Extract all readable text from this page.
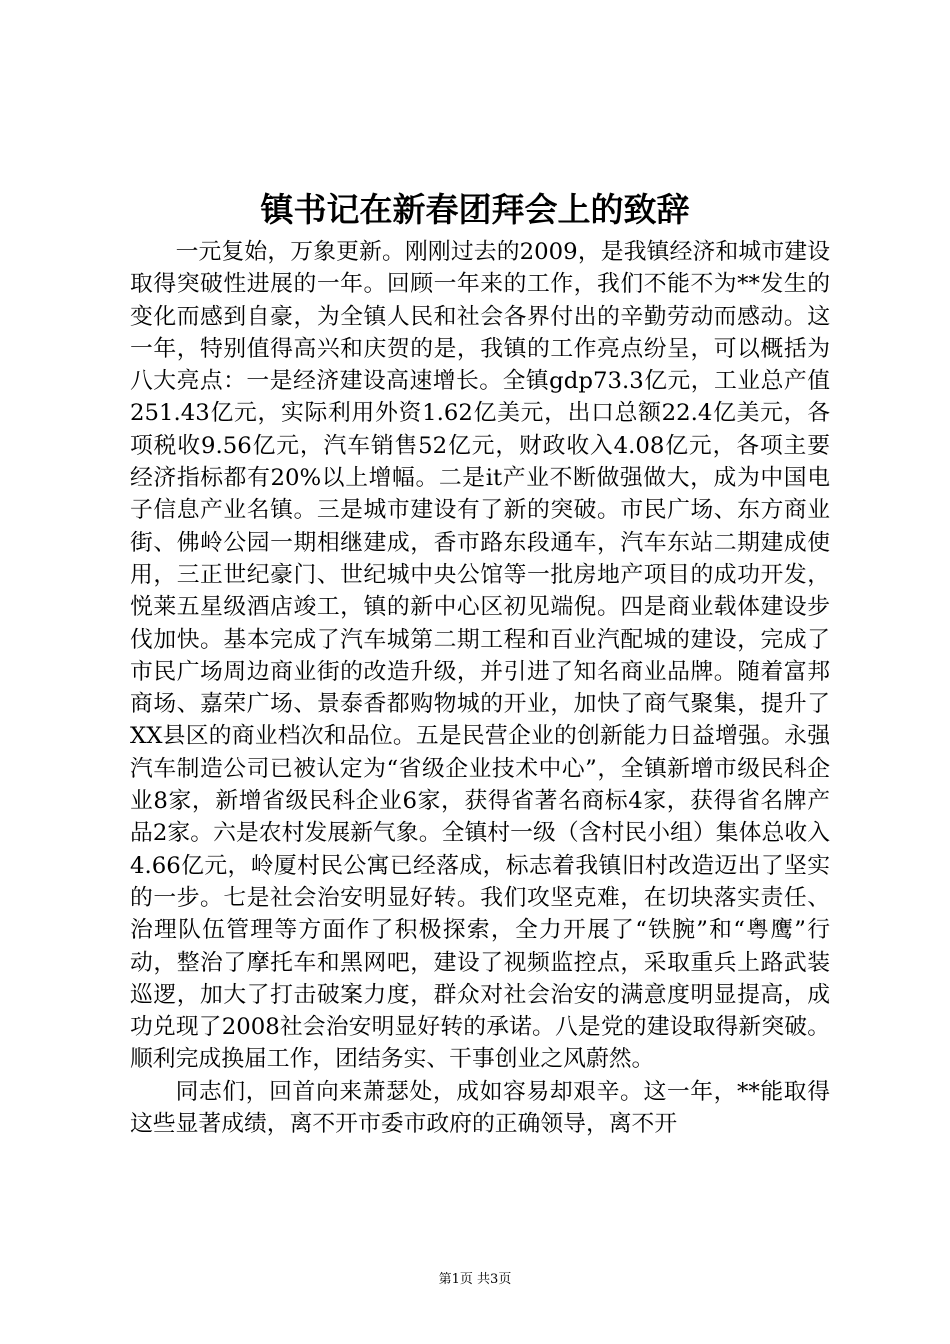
镇书记在新春团拜会上的致辞

一元复始，万象更新。刚刚过去的2009，是我镇经济和城市建设取得突破性进展的一年。回顾一年来的工作，我们不能不为**发生的变化而感到自豪，为全镇人民和社会各界付出的辛勤劳动而感动。这一年，特别值得高兴和庆贺的是，我镇的工作亮点纷呈，可以概括为八大亮点：一是经济建设高速增长。全镇gdp73.3亿元，工业总产值251.43亿元，实际利用外资1.62亿美元，出口总额22.4亿美元，各项税收9.56亿元，汽车销售52亿元，财政收入4.08亿元，各项主要经济指标都有20%以上增幅。二是it产业不断做强做大，成为中国电子信息产业名镇。三是城市建设有了新的突破。市民广场、东方商业街、佛岭公园一期相继建成，香市路东段通车，汽车东站二期建成使用，三正世纪豪门、世纪城中央公馆等一批房地产项目的成功开发，悦莱五星级酒店竣工，镇的新中心区初见端倪。四是商业载体建设步伐加快。基本完成了汽车城第二期工程和百业汽配城的建设，完成了市民广场周边商业街的改造升级，并引进了知名商业品牌。随着富邦商场、嘉荣广场、景泰香都购物城的开业，加快了商气聚集，提升了XX县区的商业档次和品位。五是民营企业的创新能力日益增强。永强汽车制造公司已被认定为“省级企业技术中心”，全镇新增市级民科企业8家，新增省级民科企业6家，获得省著名商标4家，获得省名牌产品2家。六是农村发展新气象。全镇村一级（含村民小组）集体总收入4.66亿元，岭厦村民公寓已经落成，标志着我镇旧村改造迈出了坚实的一步。七是社会治安明显好转。我们攻坚克难，在切块落实责任、治理队伍管理等方面作了积极探索，全力开展了“铁腕”和“粤鹰”行动，整治了摩托车和黑网吧，建设了视频监控点，采取重兵上路武装巡逻，加大了打击破案力度，群众对社会治安的满意度明显提高，成功兑现了2008社会治安明显好转的承诺。八是党的建设取得新突破。顺利完成换届工作，团结务实、干事创业之风蔚然。

同志们，回首向来萧瑟处，成如容易却艰辛。这一年，**能取得这些显著成绩，离不开市委市政府的正确领导，离不开

第1页 共3页
